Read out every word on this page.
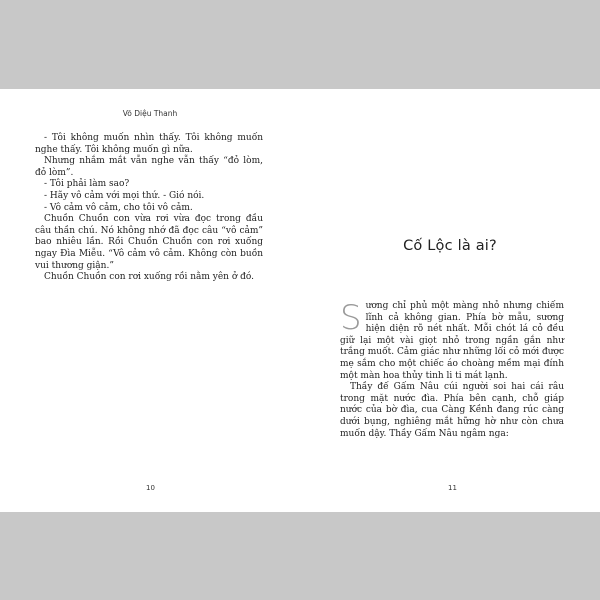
Võ Diệu Thanh

- Tôi không muốn nhìn thấy. Tôi không muốn nghe thấy. Tôi không muốn gì nữa.

Nhưng nhắm mắt vẫn nghe vẫn thấy “đỏ lòm, đỏ lòm”.

- Tôi phải làm sao?

- Hãy vô cảm với mọi thứ. - Gió nói.

- Vô cảm vô cảm, cho tôi vô cảm.

Chuồn Chuồn con vừa rơi vừa đọc trong đầu câu thần chú. Nó không nhớ đã đọc câu “vô cảm” bao nhiêu lần. Rồi Chuồn Chuồn con rơi xuống ngay Đìa Miễu. “Vô cảm vô cảm. Không còn buồn vui thương giận.”

Chuồn Chuồn con rơi xuống rồi nằm yên ở đó.

10
Cố Lộc là ai?

Sương chỉ phủ một màng nhỏ nhưng chiếm lĩnh cả không gian. Phía bờ mẫu, sương hiện diện rõ nét nhất. Mỗi chót lá cỏ đều giữ lại một vài giọt nhỏ trong ngần gắn như trắng muốt. Cảm giác như những lối cỏ mới được mẹ sắm cho một chiếc áo choàng mềm mại đính một màn hoa thủy tinh li ti mát lạnh.

Thầy đế Gấm Nâu cúi người soi hai cái râu trong mặt nước đìa. Phía bên cạnh, chỗ giáp nước của bờ đìa, cua Càng Kềnh đang rúc càng dưới bụng, nghiêng mắt hững hờ như còn chưa muốn dậy. Thầy Gấm Nâu ngâm nga:

11
